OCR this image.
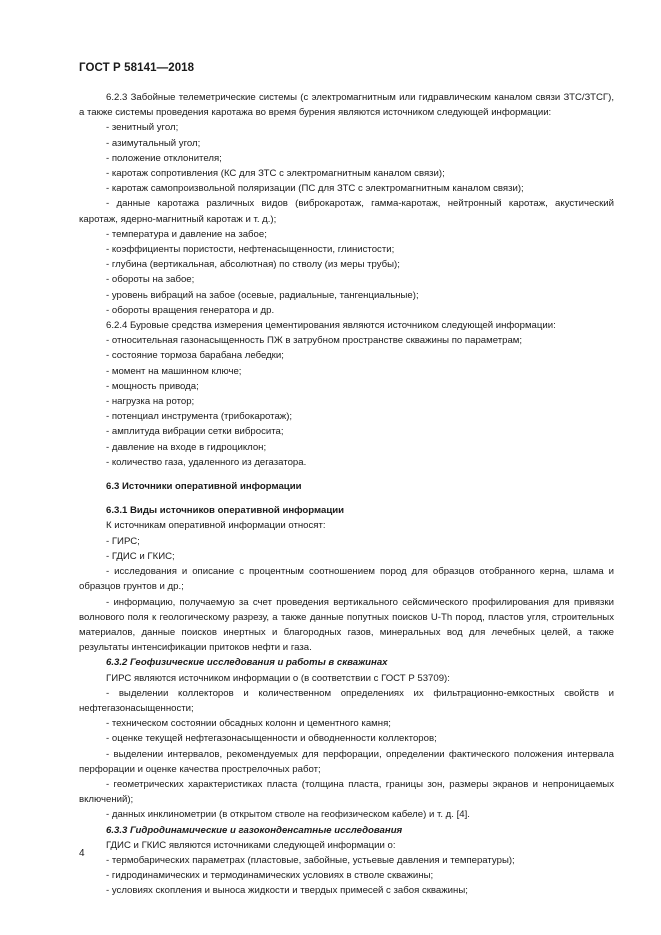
ГОСТ Р 58141—2018

6.2.3 Забойные телеметрические системы (с электромагнитным или гидравлическим каналом связи ЗТС/ЗТСГ), а также системы проведения каротажа во время бурения являются источником следующей информации:

- зенитный угол;

- азимутальный угол;

- положение отклонителя;

- каротаж сопротивления (КС для ЗТС с электромагнитным каналом связи);

- каротаж самопроизвольной поляризации (ПС для ЗТС с электромагнитным каналом связи);

- данные каротажа различных видов (виброкаротаж, гамма-каротаж, нейтронный каротаж, акустический каротаж, ядерно-магнитный каротаж и т. д.);

- температура и давление на забое;

- коэффициенты пористости, нефтенасыщенности, глинистости;

- глубина (вертикальная, абсолютная) по стволу (из меры трубы);

- обороты на забое;

- уровень вибраций на забое (осевые, радиальные, тангенциальные);

- обороты вращения генератора и др.

6.2.4 Буровые средства измерения цементирования являются источником следующей информации:

- относительная газонасыщенность ПЖ в затрубном пространстве скважины по параметрам;

- состояние тормоза барабана лебедки;

- момент на машинном ключе;

- мощность привода;

- нагрузка на ротор;

- потенциал инструмента (трибокаротаж);

- амплитуда вибрации сетки вибросита;

- давление на входе в гидроциклон;

- количество газа, удаленного из дегазатора.

6.3 Источники оперативной информации

6.3.1 Виды источников оперативной информации

К источникам оперативной информации относят:

- ГИРС;

- ГДИС и ГКИС;

- исследования и описание с процентным соотношением пород для образцов отобранного керна, шлама и образцов грунтов и др.;

- информацию, получаемую за счет проведения вертикального сейсмического профилирования для привязки волнового поля к геологическому разрезу, а также данные попутных поисков U-Th пород, пластов угля, строительных материалов, данные поисков инертных и благородных газов, минеральных вод для лечебных целей, а также результаты интенсификации притоков нефти и газа.

6.3.2 Геофизические исследования и работы в скважинах

ГИРС являются источником информации о (в соответствии с ГОСТ Р 53709):

- выделении коллекторов и количественном определениях их фильтрационно-емкостных свойств и нефтегазонасыщенности;

- техническом состоянии обсадных колонн и цементного камня;

- оценке текущей нефтегазонасыщенности и обводненности коллекторов;

- выделении интервалов, рекомендуемых для перфорации, определении фактического положения интервала перфорации и оценке качества прострелочных работ;

- геометрических характеристиках пласта (толщина пласта, границы зон, размеры экранов и непроницаемых включений);

- данных инклинометрии (в открытом стволе на геофизическом кабеле) и т. д. [4].

6.3.3 Гидродинамические и газоконденсатные исследования

ГДИС и ГКИС являются источниками следующей информации о:

- термобарических параметрах (пластовые, забойные, устьевые давления и температуры);

- гидродинамических и термодинамических условиях в стволе скважины;

- условиях скопления и выноса жидкости и твердых примесей с забоя скважины;

4
